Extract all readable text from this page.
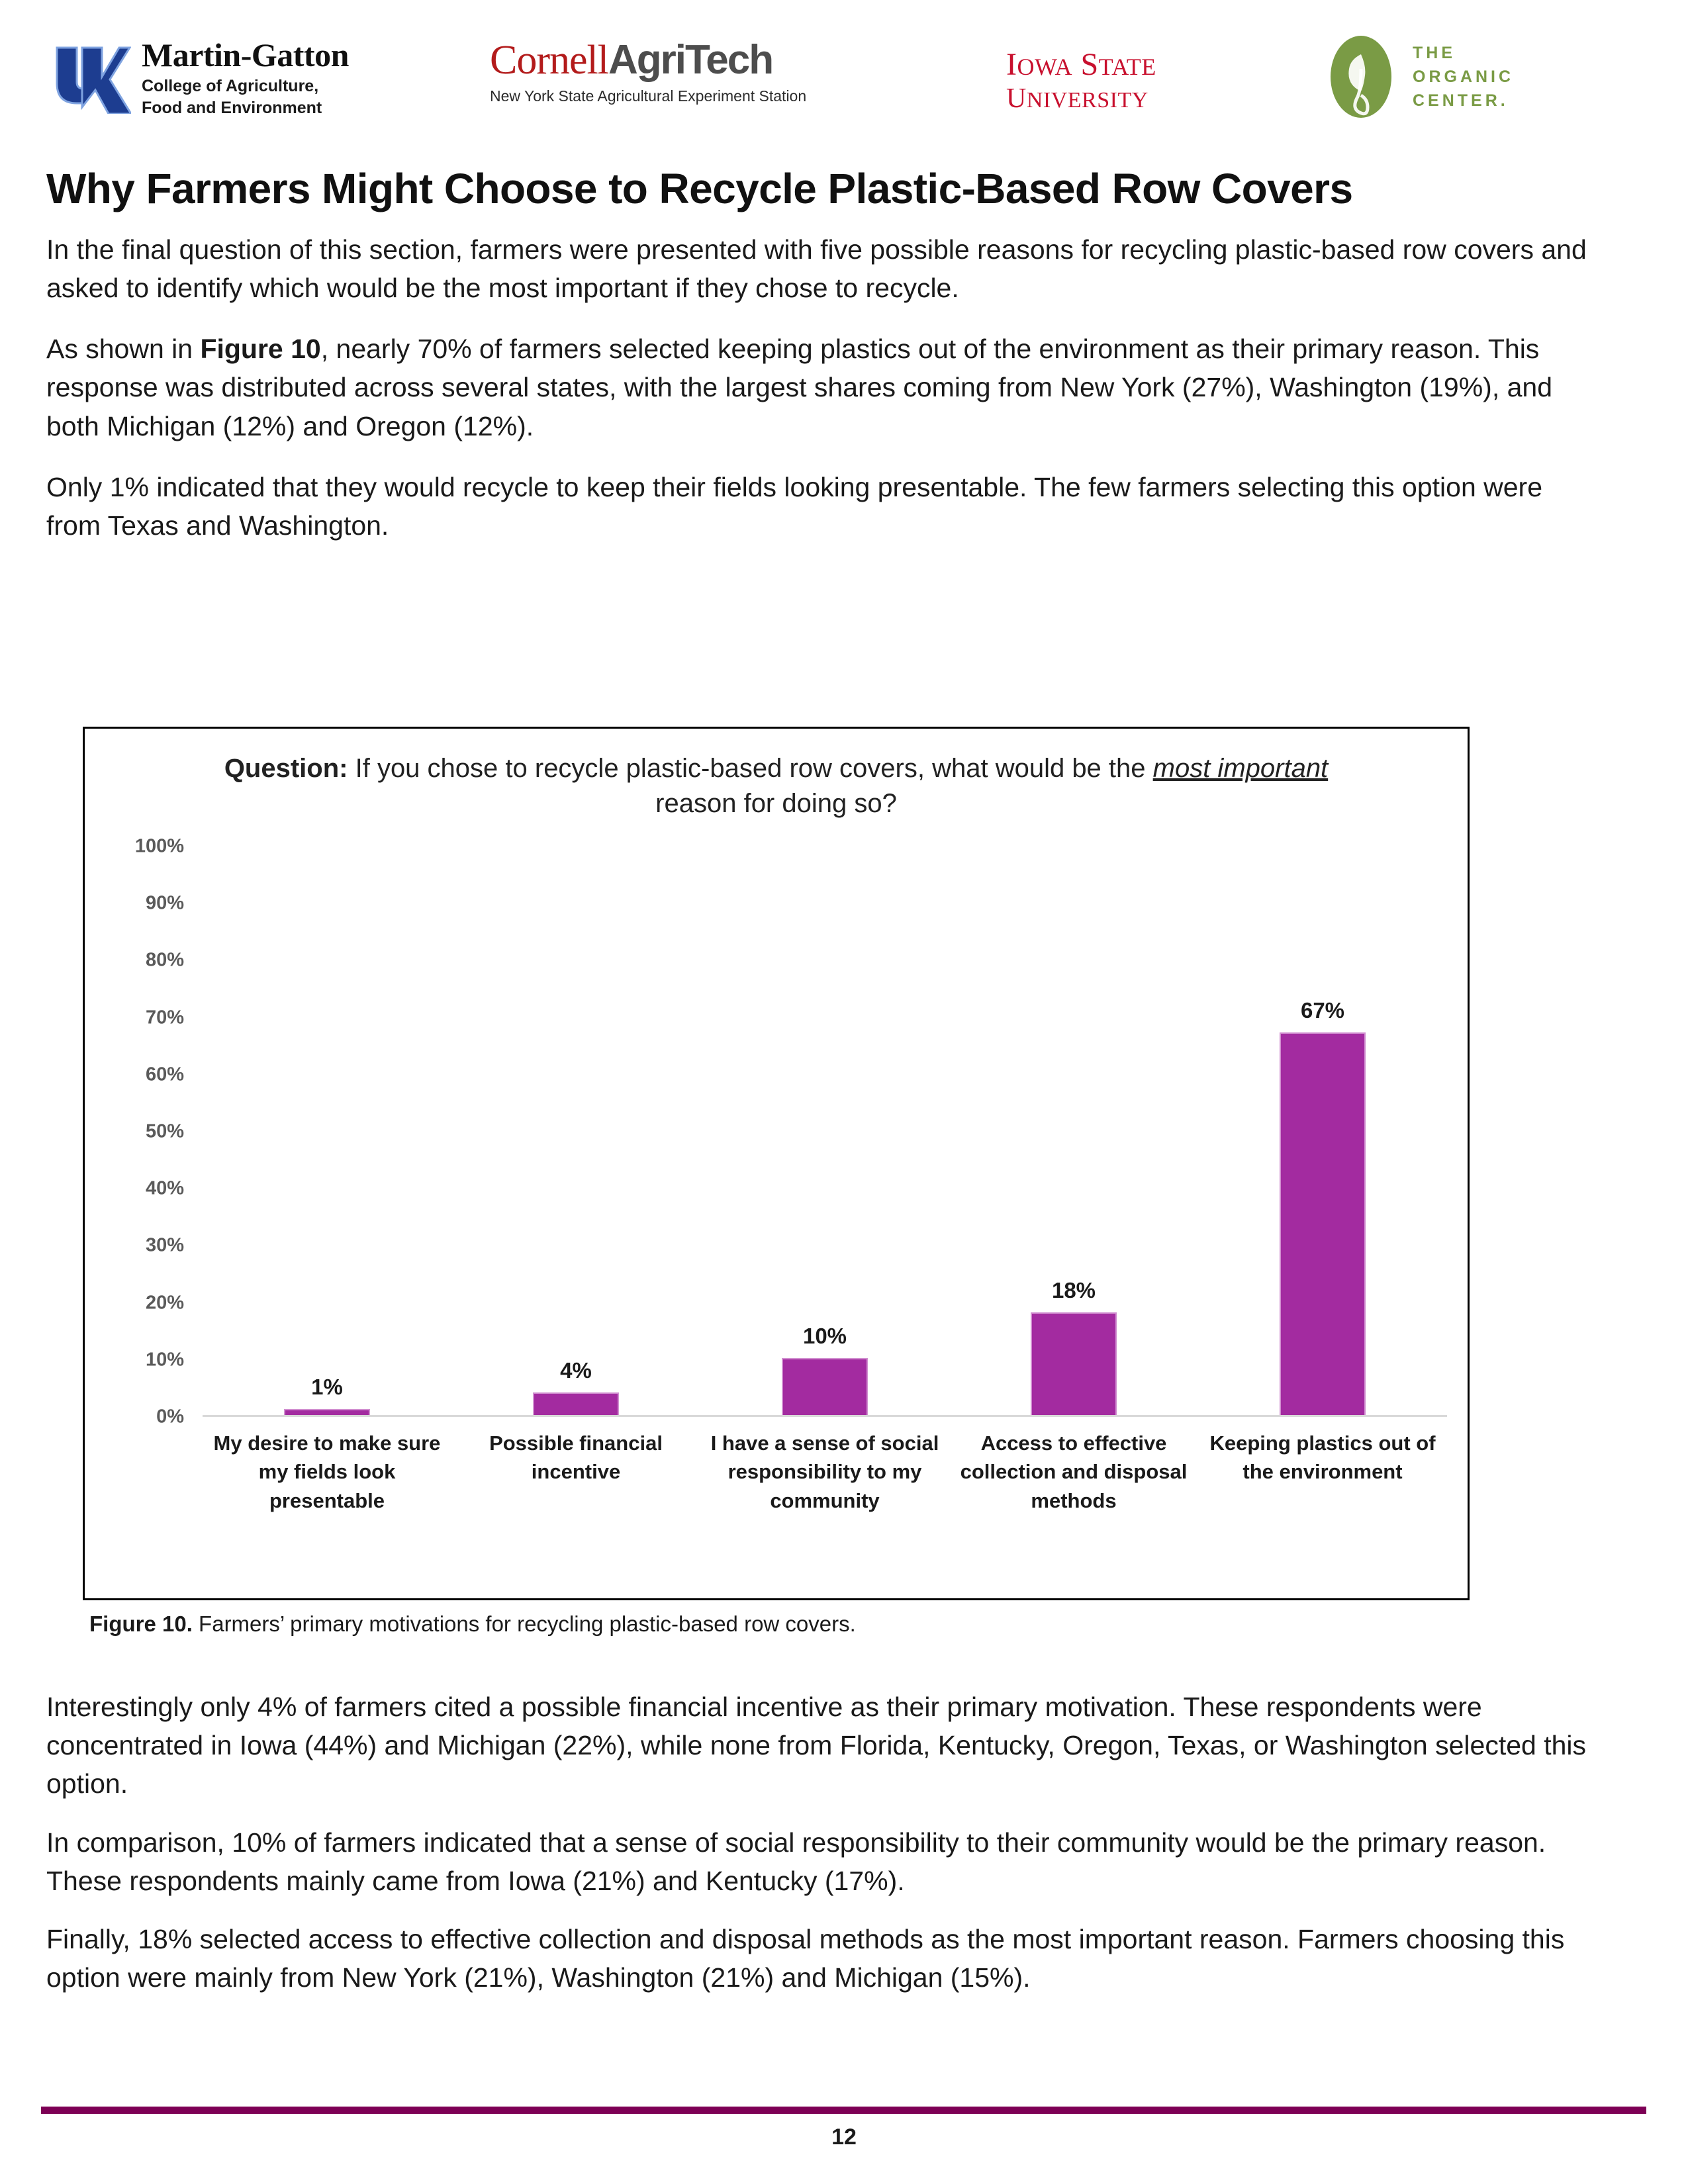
Martin-Gatton
College of Agriculture,
Food and Environment
CornellAgriTech
New York State Agricultural Experiment Station
IOWA STATE
UNIVERSITY
THE
ORGANIC
CENTER.
Why Farmers Might Choose to Recycle Plastic-Based Row Covers

In the final question of this section, farmers were presented with five possible reasons for recycling plastic-based row covers and asked to identify which would be the most important if they chose to recycle.

As shown in Figure 10, nearly 70% of farmers selected keeping plastics out of the environment as their primary reason. This response was distributed across several states, with the largest shares coming from New York (27%), Washington (19%), and both Michigan (12%) and Oregon (12%).

Only 1% indicated that they would recycle to keep their fields looking presentable. The few farmers selecting this option were from Texas and Washington.

Question: If you chose to recycle plastic-based row covers, what would be the most important reason for doing so?
100%
90%
80%
70%
60%
50%
40%
30%
20%
10%
0%
1%
4%
10%
18%
67%
My desire to make sure
my fields look
presentable
Possible financial
incentive
I have a sense of social
responsibility to my
community
Access to effective
collection and disposal
methods
Keeping plastics out of
the environment
Figure 10. Farmers’ primary motivations for recycling plastic-based row covers.

Interestingly only 4% of farmers cited a possible financial incentive as their primary motivation. These respondents were concentrated in Iowa (44%) and Michigan (22%), while none from Florida, Kentucky, Oregon, Texas, or Washington selected this option.

In comparison, 10% of farmers indicated that a sense of social responsibility to their community would be the primary reason. These respondents mainly came from Iowa (21%) and Kentucky (17%).

Finally, 18% selected access to effective collection and disposal methods as the most important reason. Farmers choosing this option were mainly from New York (21%), Washington (21%) and Michigan (15%).

12
